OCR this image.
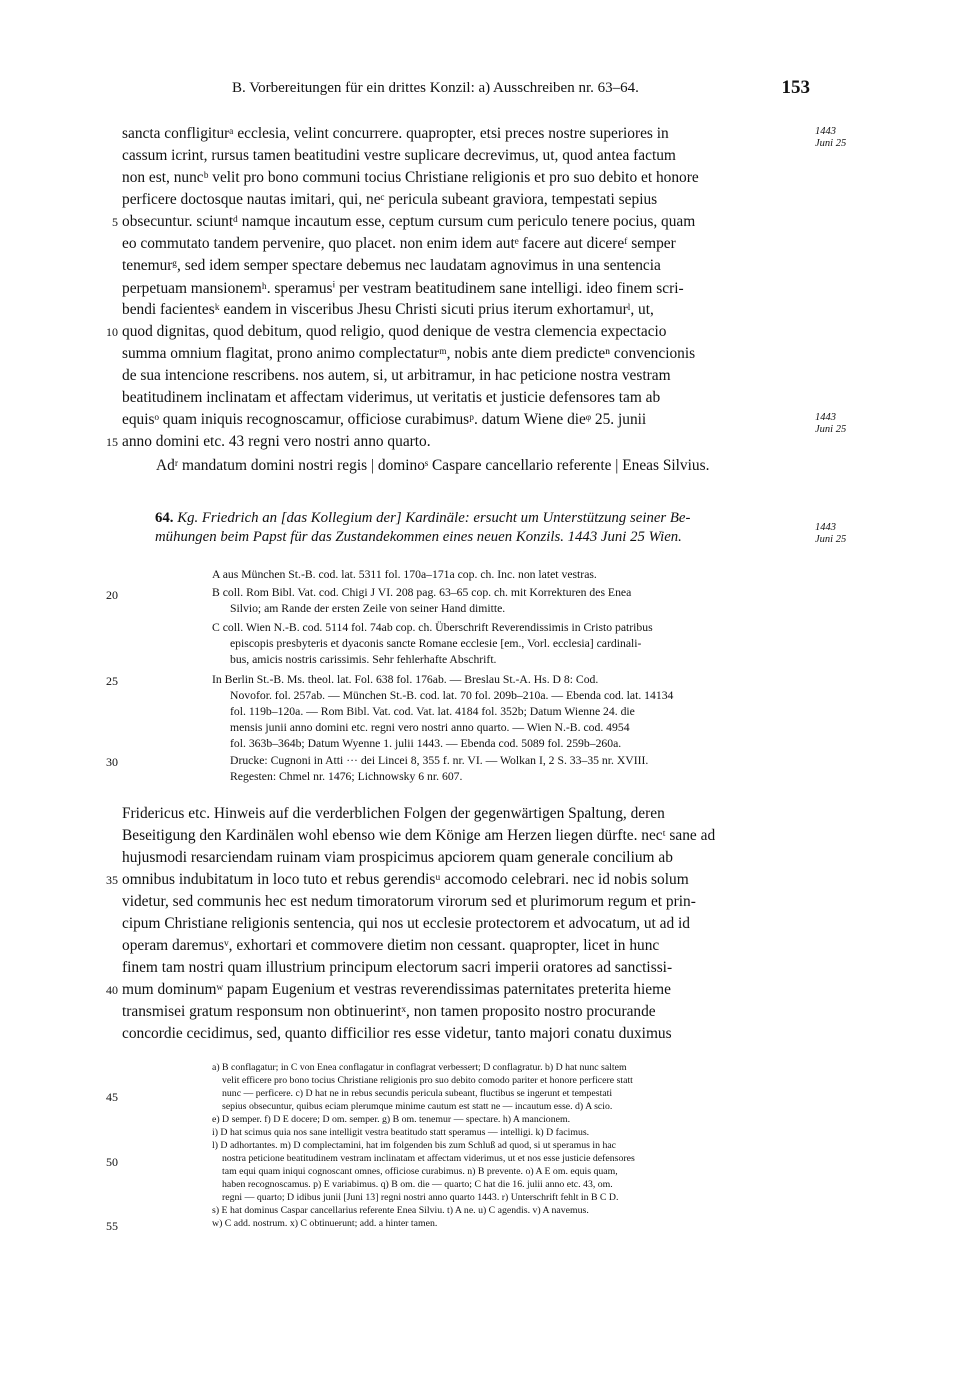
B. Vorbereitungen für ein drittes Konzil: a) Ausschreiben nr. 63–64.	153
sancta confligiturᵃ ecclesia, velint concurrere. quapropter, etsi preces nostre superiores in
cassum icrint, rursus tamen beatitudini vestre suplicare decrevimus, ut, quod antea factum
non est, nuncᵇ velit pro bono communi tocius Christiane religionis et pro suo debito et honore
perficere doctosque nautas imitari, qui, neᶜ pericula subeant graviora, tempestati sepius
obsecuntur. sciuntᵈ namque incautum esse, ceptum cursum cum periculo tenere pocius, quam
eo commutato tandem pervenire, quo placet. non enim idem autᵉ facere aut dicereᶠ semper
tenemurᵍ, sed idem semper spectare debemus nec laudatam agnovimus in una sentencia
perpetuam mansionemʰ. speramusⁱ per vestram beatitudinem sane intelligi. ideo finem scri-
bendi facientesᵏ eandem in visceribus Jhesu Christi sicuti prius iterum exhortamurˡ, ut,
quod dignitas, quod debitum, quod religio, quod denique de vestra clemencia expectacio
summa omnium flagitat, prono animo complectaturᵐ, nobis ante diem predicteⁿ convencionis
de sua intencione rescribens. nos autem, si, ut arbitramur, in hac peticione nostra vestram
beatitudinem inclinatam et affectam viderimus, ut veritatis et justicie defensores tam ab
equisᵒ quam iniquis recognoscamur, officiose curabimusᵖ. datum Wiene dieᵠ 25. junii
anno domini etc. 43 regni vero nostri anno quarto.
Adʳ mandatum domini nostri regis | dominoˢ Caspare cancellario referente | Eneas Silvius.
64. Kg. Friedrich an [das Kollegium der] Kardinäle: ersucht um Unterstützung seiner Be-
mühungen beim Papst für das Zustandekommen eines neuen Konzils. 1443 Juni 25 Wien.
A aus München St.-B. cod. lat. 5311 fol. 170a–171a cop. ch. Inc. non latet vestras.
B coll. Rom Bibl. Vat. cod. Chigi J VI. 208 pag. 63–65 cop. ch. mit Korrekturen des Enea
Silvio; am Rande der ersten Zeile von seiner Hand dimitte.
C coll. Wien N.-B. cod. 5114 fol. 74ab cop. ch. Überschrift Reverendissimis in Cristo patribus
episcopis presbyteris et dyaconis sancte Romane ecclesie [em., Vorl. ecclesia] cardinali-
bus, amicis nostris carissimis. Sehr fehlerhafte Abschrift.
In Berlin St.-B. Ms. theol. lat. Fol. 638 fol. 176ab. — Breslau St.-A. Hs. D 8: Cod.
Novofor. fol. 257ab. — München St.-B. cod. lat. 70 fol. 209b–210a. — Ebenda cod. lat. 14134
fol. 119b–120a. — Rom Bibl. Vat. cod. Vat. lat. 4184 fol. 352b; Datum Wienne 24. die
mensis junii anno domini etc. regni vero nostri anno quarto. — Wien N.-B. cod. 4954
fol. 363b–364b; Datum Wyenne 1. julii 1443. — Ebenda cod. 5089 fol. 259b–260a.
Drucke: Cugnoni in Atti ··· dei Lincei 8, 355 f. nr. VI. — Wolkan I, 2 S. 33–35 nr. XVIII.
Regesten: Chmel nr. 1476; Lichnowsky 6 nr. 607.
Fridericus etc. Hinweis auf die verderblichen Folgen der gegenwärtigen Spaltung, deren
Beseitigung den Kardinälen wohl ebenso wie dem Könige am Herzen liegen dürfte. necᵗ sane ad
hujusmodi resarciendam ruinam viam prospicimus apciorem quam generale concilium ab
omnibus indubitatum in loco tuto et rebus gerendisᵘ accomodo celebrari. nec id nobis solum
videtur, sed communis hec est nedum timoratorum virorum sed et plurimorum regum et prin-
cipum Christiane religionis sentencia, qui nos ut ecclesie protectorem et advocatum, ut ad id
operam daremusᵛ, exhortari et commovere dietim non cessant. quapropter, licet in hunc
finem tam nostri quam illustrium principum electorum sacri imperii oratores ad sanctissi-
mum dominumʷ papam Eugenium et vestras reverendissimas paternitates preterita hieme
transmisei gratum responsum non obtinuerintˣ, non tamen proposito nostro procurande
concordie cecidimus, sed, quanto difficilior res esse videtur, tanto majori conatu duximus
a) B conflagatur; in C von Enea conflagatur in conflagrat verbessert; D conflagratur. b) D hat nunc saltem
velit efficere pro bono tocius Christiane religionis pro suo debito comodo pariter et honore perficere statt
nunc — perficere. c) D hat ne in rebus secundis pericula subeant, fluctibus se ingerunt et tempestati
sepius obsecuntur, quibus eciam plerumque minime cautum est statt ne — incautum esse. d) A scio.
e) D semper. f) D E docere; D om. semper. g) B om. tenemur — spectare. h) A mancionem.
i) D hat scimus quia nos sane intelligit vestra beatitudo statt speramus — intelligi. k) D facimus.
l) D adhortantes. m) D complectamini, hat im folgenden bis zum Schluß ad quod, si ut speramus in hac
nostra peticione beatitudinem vestram inclinatam et affectam viderimus, ut et nos esse justicie defensores
tam equi quam iniqui cognoscant omnes, officiose curabimus. n) B prevente. o) A E om. equis quam,
haben recognoscamus. p) E variabimus. q) B om. die — quarto; C hat die 16. julii anno etc. 43, om.
regni — quarto; D idibus junii [Juni 13] regni nostri anno quarto 1443. r) Unterschrift fehlt in B C D.
s) E hat dominus Caspar cancellarius referente Enea Silviu. t) A ne. u) C agendis. v) A navemus.
w) C add. nostrum. x) C obtinuerunt; add. a hinter tamen.
1443
Juni 25
1443
Juni 25
1443
Juni 25
5
10
15
20
25
30
35
40
45
50
55
